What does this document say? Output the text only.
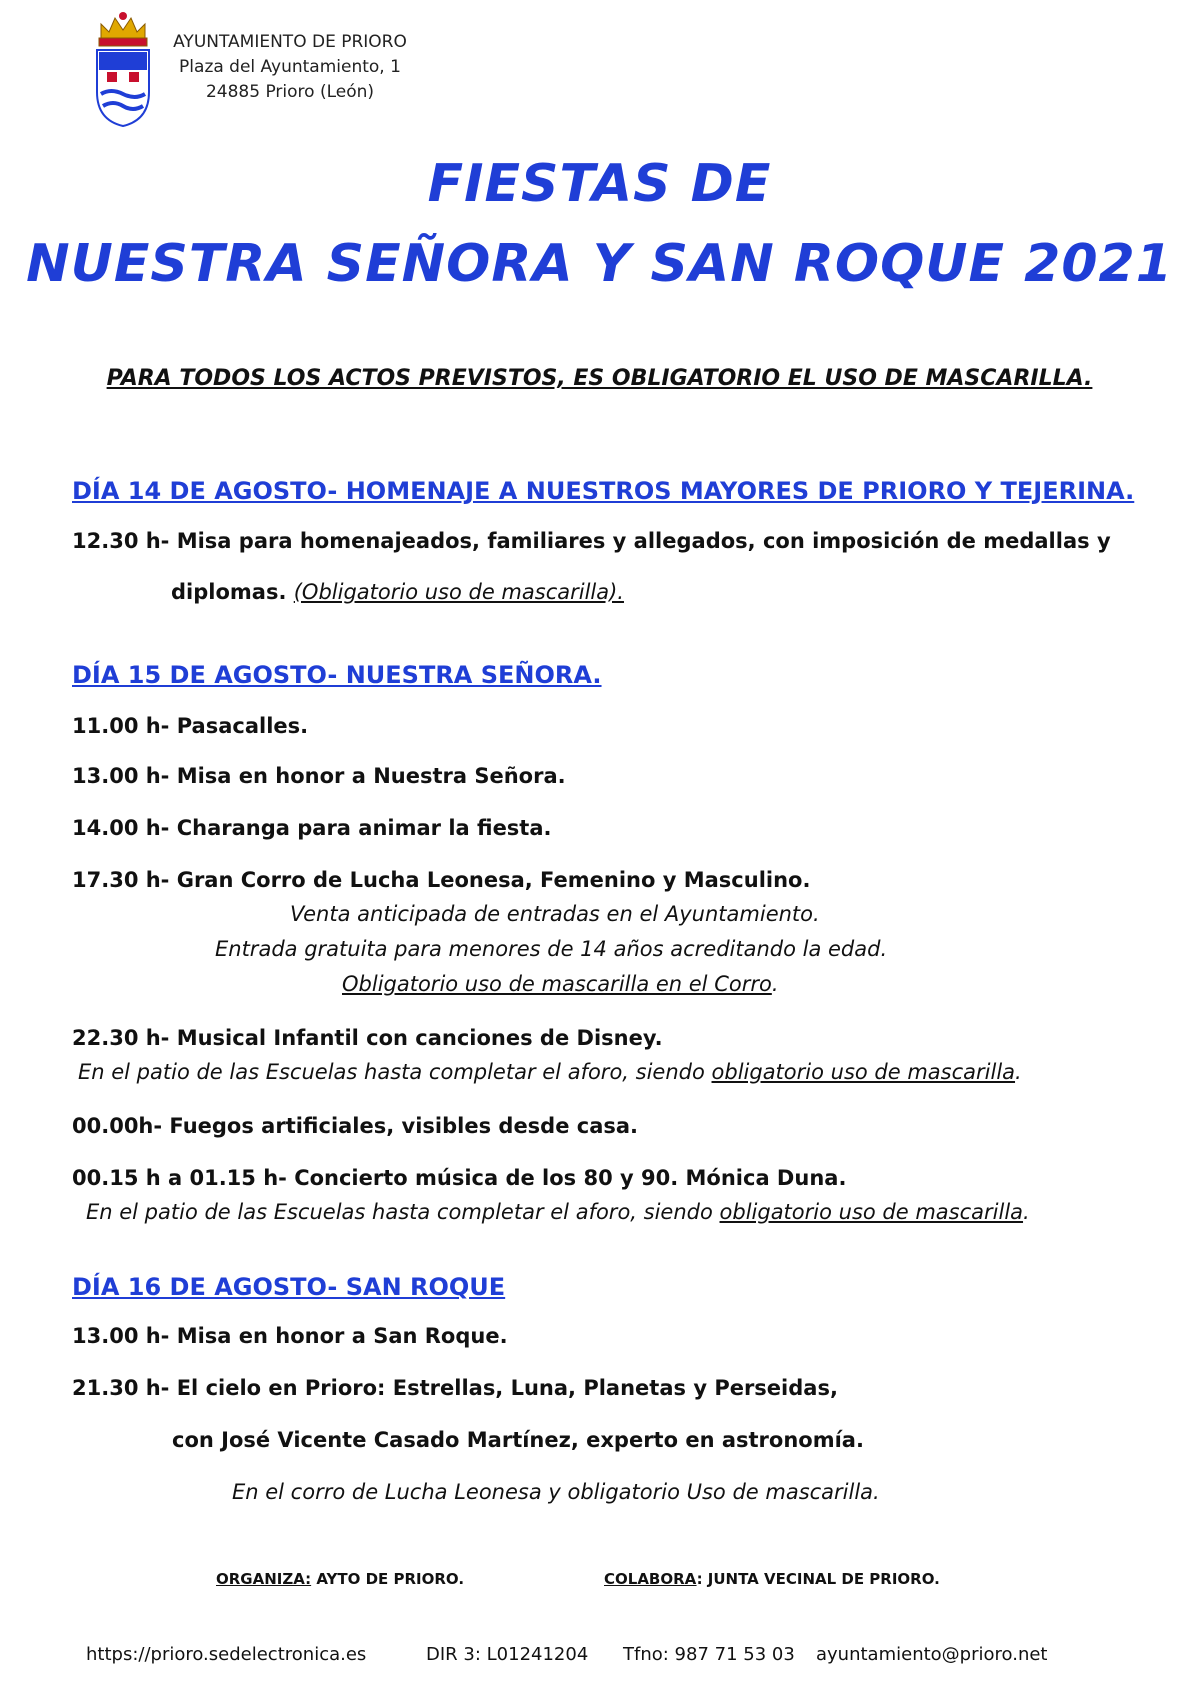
AYUNTAMIENTO DE PRIORO
Plaza del Ayuntamiento, 1
24885 Prioro (León)
FIESTAS DE
NUESTRA SEÑORA Y SAN ROQUE 2021
PARA TODOS LOS ACTOS PREVISTOS, ES OBLIGATORIO EL USO DE MASCARILLA.
DÍA 14 DE AGOSTO- HOMENAJE A NUESTROS MAYORES DE PRIORO Y TEJERINA.
12.30 h- Misa para homenajeados, familiares y allegados, con imposición de medallas y
diplomas. (Obligatorio uso de mascarilla).
DÍA 15 DE AGOSTO- NUESTRA SEÑORA.
11.00 h- Pasacalles.
13.00 h- Misa en honor a Nuestra Señora.
14.00 h- Charanga para animar la fiesta.
17.30 h- Gran Corro de Lucha Leonesa, Femenino y Masculino.
Venta anticipada de entradas en el Ayuntamiento.
Entrada gratuita para menores de 14 años acreditando la edad.
Obligatorio uso de mascarilla en el Corro.
22.30 h- Musical Infantil con canciones de Disney.
En el patio de las Escuelas hasta completar el aforo, siendo obligatorio uso de mascarilla.
00.00h- Fuegos artificiales, visibles desde casa.
00.15 h a 01.15 h- Concierto música de los 80 y 90. Mónica Duna.
En el patio de las Escuelas hasta completar el aforo, siendo obligatorio uso de mascarilla.
DÍA 16 DE AGOSTO- SAN ROQUE
13.00 h- Misa en honor a San Roque.
21.30 h- El cielo en Prioro: Estrellas, Luna, Planetas y Perseidas,
con José Vicente Casado Martínez, experto en astronomía.
En el corro de Lucha Leonesa y obligatorio Uso de mascarilla.
ORGANIZA: AYTO DE PRIORO.	COLABORA: JUNTA VECINAL DE PRIORO.
https://prioro.sedelectronica.es	DIR 3: L01241204 Tfno: 987 71 53 03 ayuntamiento@prioro.net
